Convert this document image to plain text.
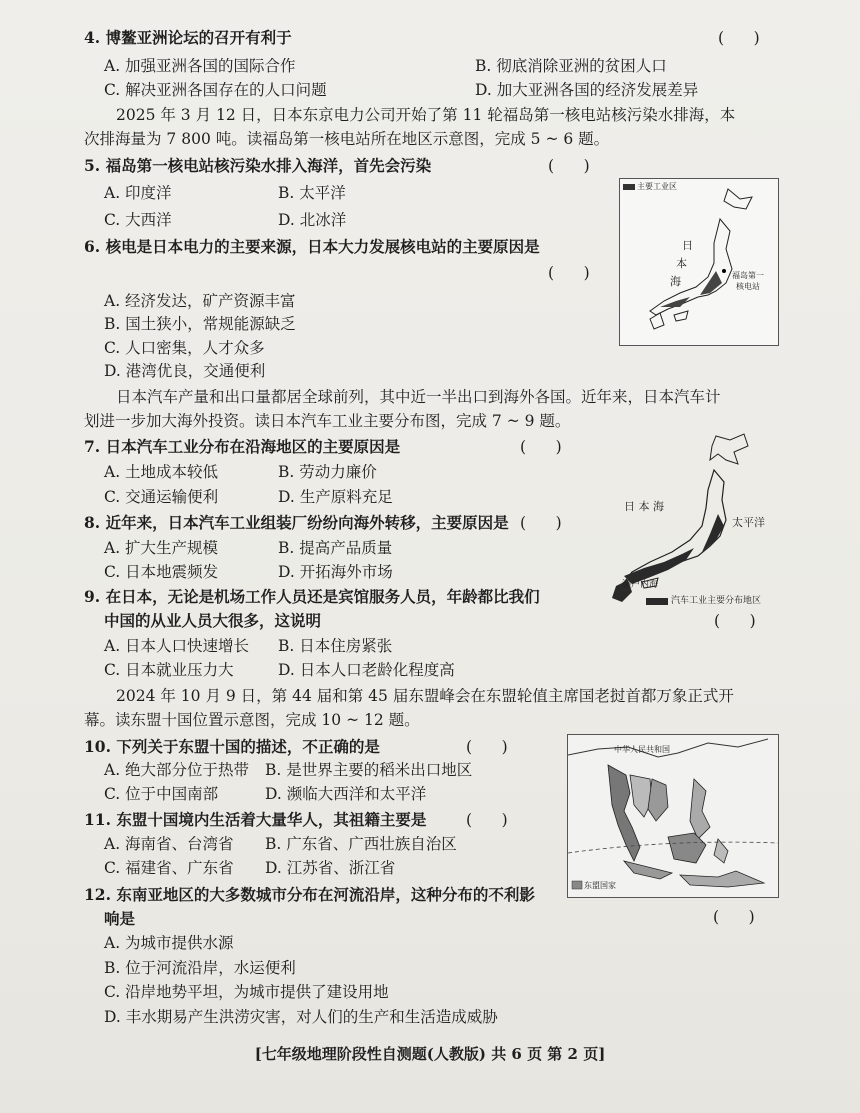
4. 博鳌亚洲论坛的召开有利于	(      )
A. 加强亚洲各国的国际合作	B. 彻底消除亚洲的贫困人口
C. 解决亚洲各国存在的人口问题	D. 加大亚洲各国的经济发展差异
2025 年 3 月 12 日，日本东京电力公司开始了第 11 轮福岛第一核电站核污染水排海，本
次排海量为 7 800 吨。读福岛第一核电站所在地区示意图，完成 5 ~ 6 题。
5. 福岛第一核电站核污染水排入海洋，首先会污染	(      )
A. 印度洋	B. 太平洋
C. 大西洋	D. 北冰洋
主要工业区
日
本
海	福岛第一
核电站
6. 核电是日本电力的主要来源，日本大力发展核电站的主要原因是
(      )
A. 经济发达，矿产资源丰富
B. 国土狭小，常规能源缺乏
C. 人口密集，人才众多
D. 港湾优良，交通便利
日本汽车产量和出口量都居全球前列，其中近一半出口到海外各国。近年来，日本汽车计
划进一步加大海外投资。读日本汽车工业主要分布图，完成 7 ~ 9 题。
7. 日本汽车工业分布在沿海地区的主要原因是	(      )
A. 土地成本较低	B. 劳动力廉价
C. 交通运输便利	D. 生产原料充足
日 本 海
太平洋
濑户内海
汽车工业主要分布地区
8. 近年来，日本汽车工业组装厂纷纷向海外转移，主要原因是 (      )
A. 扩大生产规模	B. 提高产品质量
C. 日本地震频发	D. 开拓海外市场
9. 在日本，无论是机场工作人员还是宾馆服务人员，年龄都比我们
中国的从业人员大很多，这说明	(      )
A. 日本人口快速增长 B. 日本住房紧张
C. 日本就业压力大	D. 日本人口老龄化程度高
2024 年 10 月 9 日，第 44 届和第 45 届东盟峰会在东盟轮值主席国老挝首都万象正式开
幕。读东盟十国位置示意图，完成 10 ~ 12 题。
10. 下列关于东盟十国的描述，不正确的是	(      )
A. 绝大部分位于热带 B. 是世界主要的稻米出口地区
C. 位于中国南部	D. 濒临大西洋和太平洋
中华人民共和国
东盟国家
11. 东盟十国境内生活着大量华人，其祖籍主要是	(      )
A. 海南省、台湾省 B. 广东省、广西壮族自治区
C. 福建省、广东省 D. 江苏省、浙江省
12. 东南亚地区的大多数城市分布在河流沿岸，这种分布的不利影
响是	(      )
A. 为城市提供水源
B. 位于河流沿岸，水运便利
C. 沿岸地势平坦，为城市提供了建设用地
D. 丰水期易产生洪涝灾害，对人们的生产和生活造成威胁
[七年级地理阶段性自测题(人教版) 共 6 页 第 2 页]
